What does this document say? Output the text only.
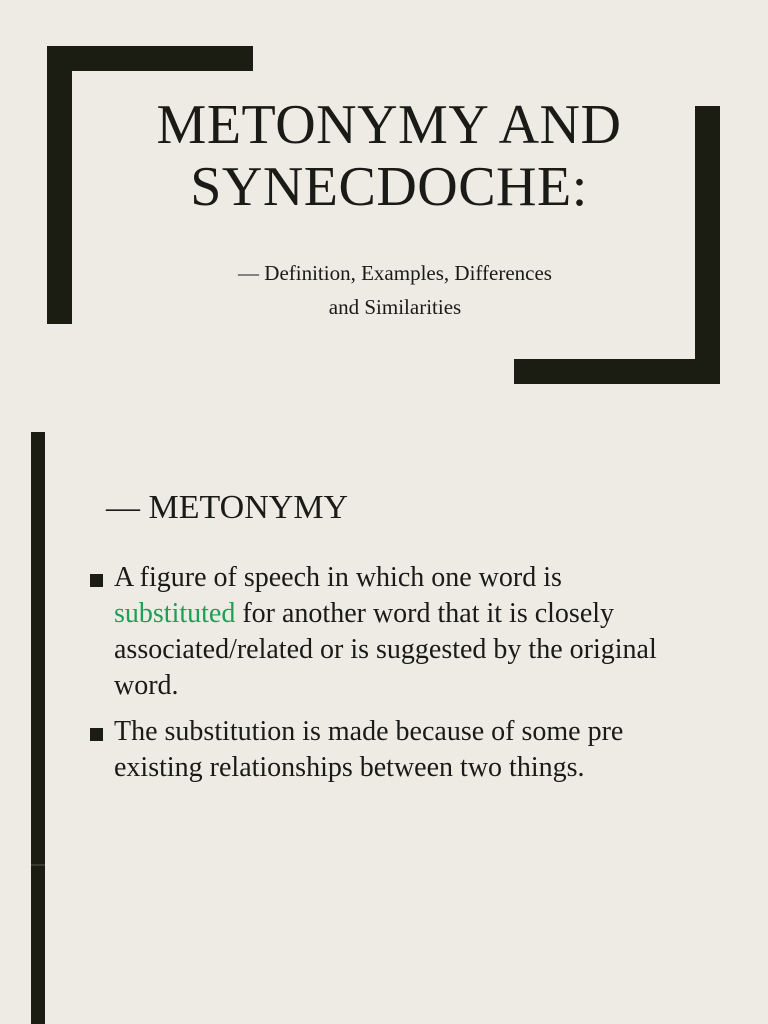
METONYMY AND
SYNECDOCHE:

— Definition, Examples, Differences
and Similarities

— METONYMY
A figure of speech in which one word is substituted for another word that it is closely associated/related or is suggested by the original word.
The substitution is made because of some pre existing relationships between two things.
